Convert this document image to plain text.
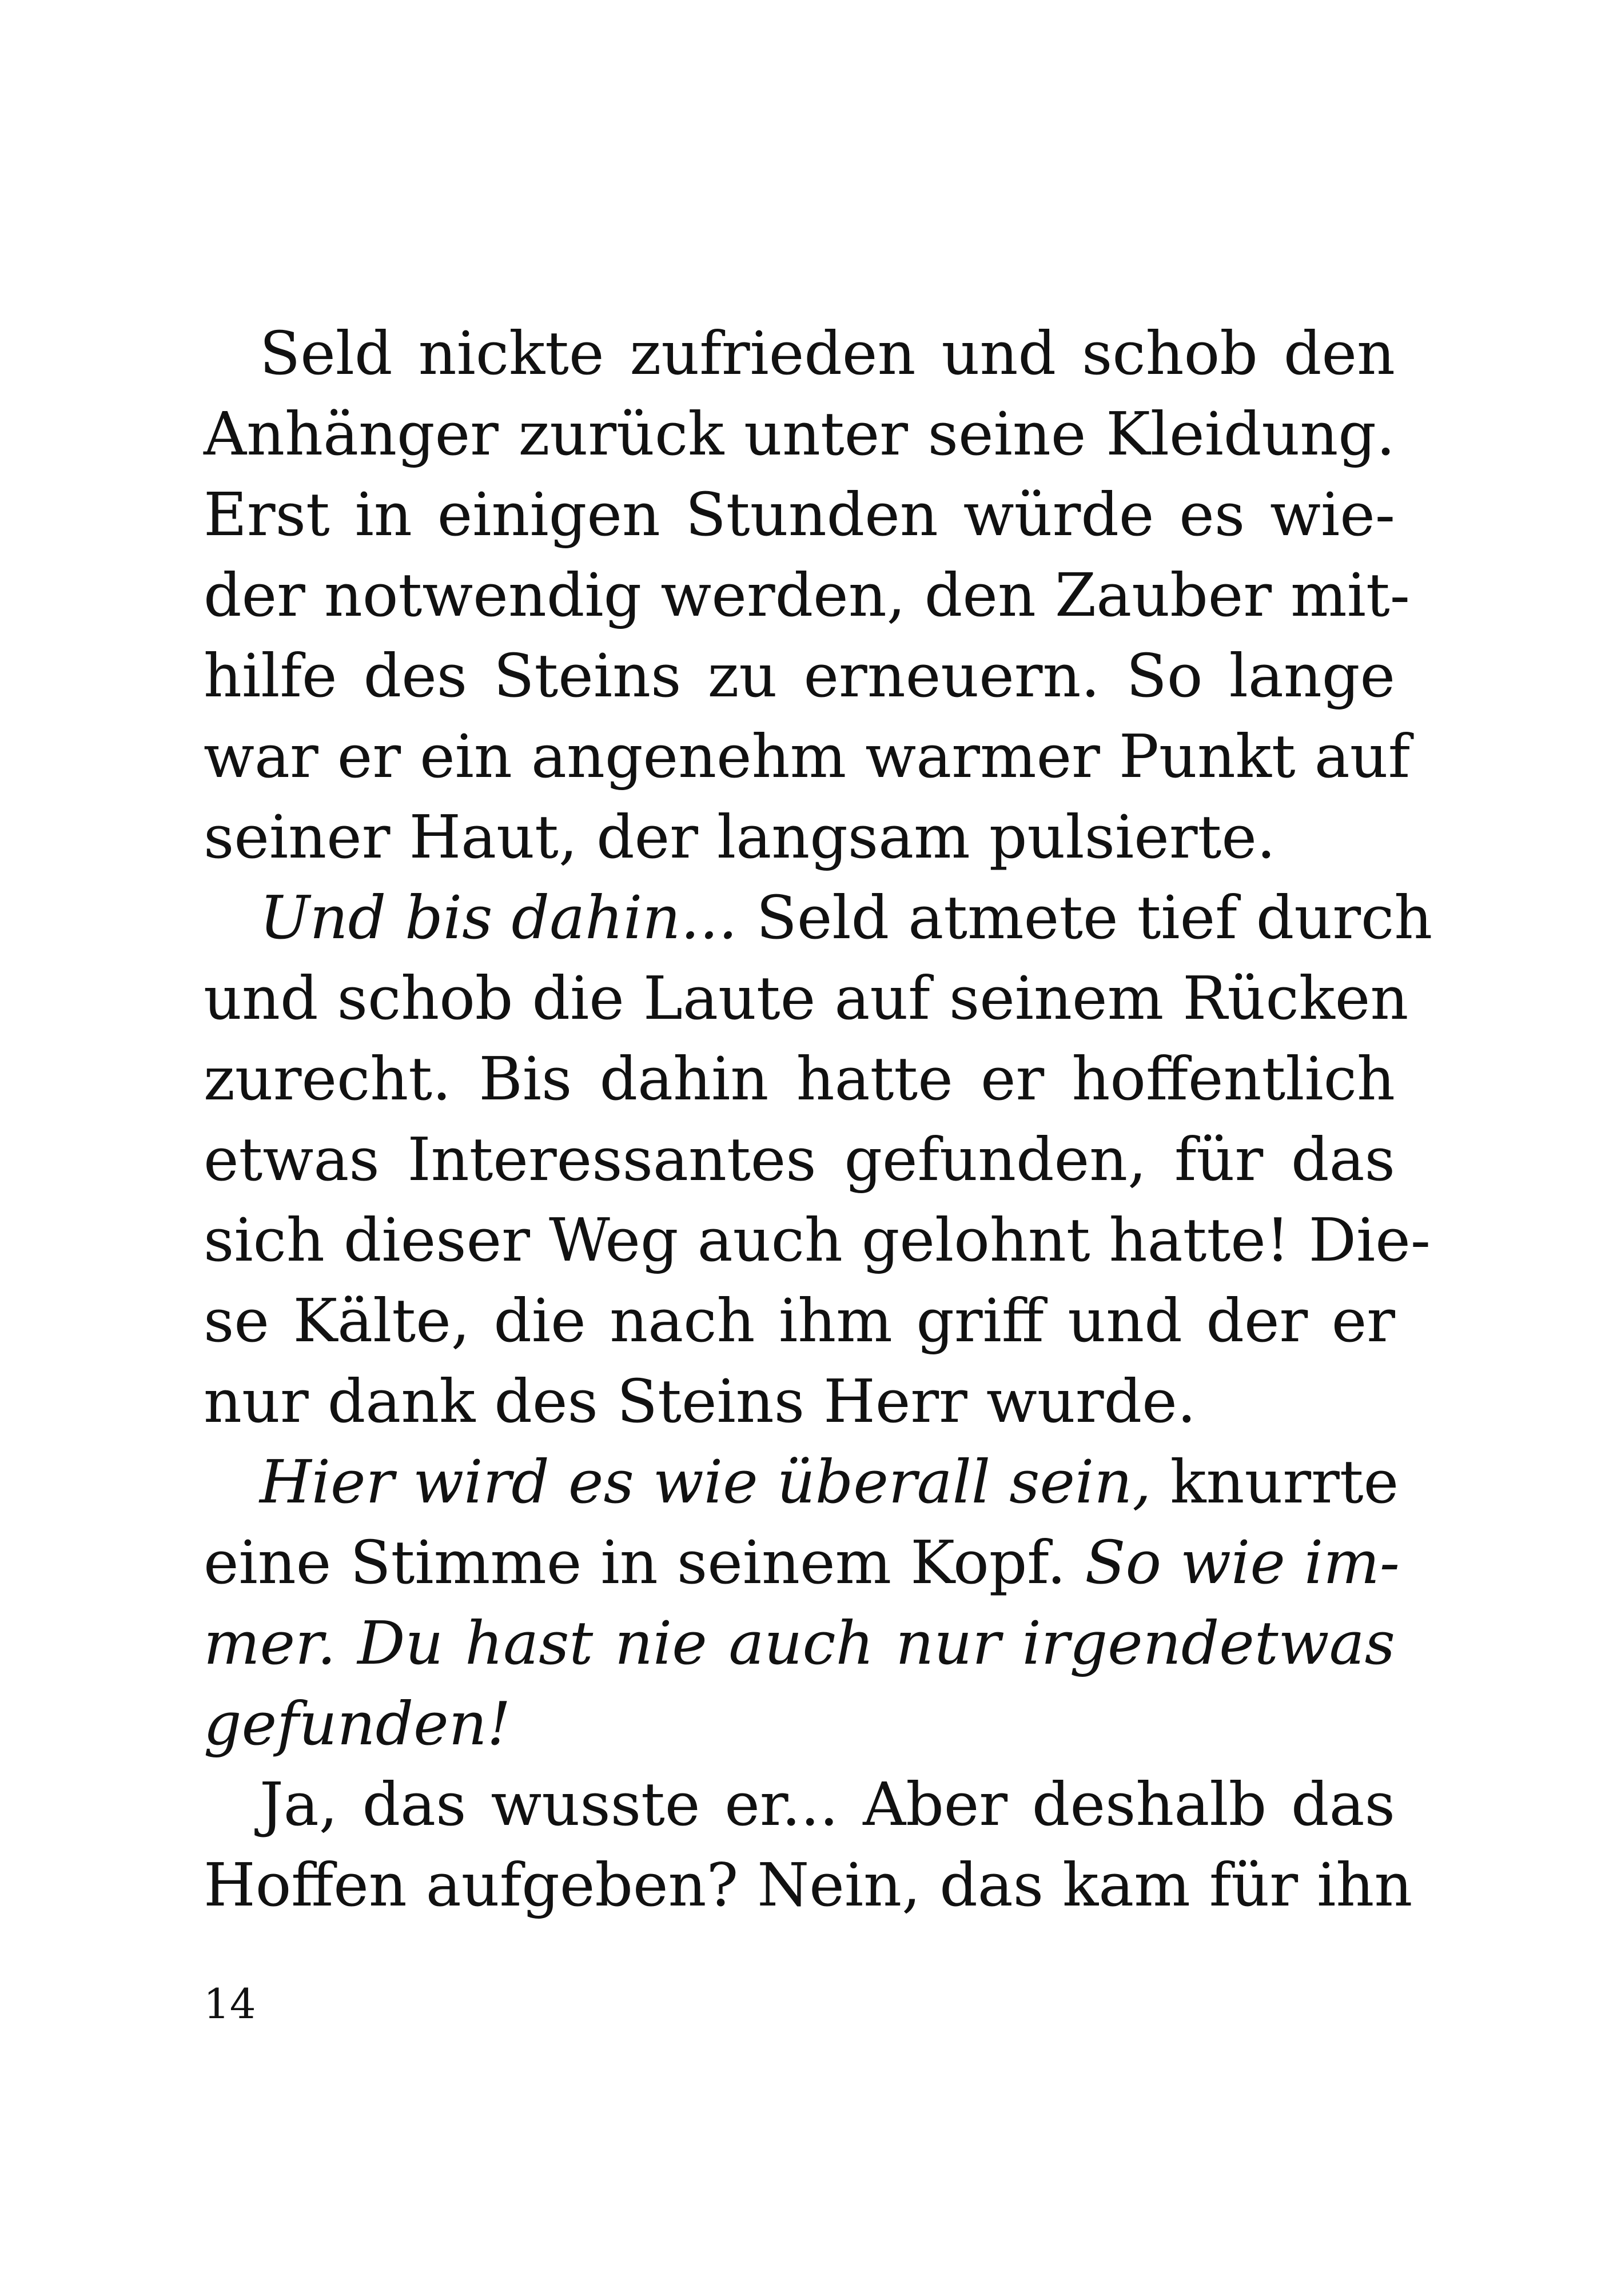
Seld nickte zufrieden und schob den
Anhänger zurück unter seine Kleidung.
Erst in einigen Stunden würde es wie-
der notwendig werden, den Zauber mit-
hilfe des Steins zu erneuern. So lange
war er ein angenehm warmer Punkt auf
seiner Haut, der langsam pulsierte.
Und bis dahin... Seld atmete tief durch
und schob die Laute auf seinem Rücken
zurecht. Bis dahin hatte er hoffentlich
etwas Interessantes gefunden, für das
sich dieser Weg auch gelohnt hatte! Die-
se Kälte, die nach ihm griff und der er
nur dank des Steins Herr wurde.
Hier wird es wie überall sein, knurrte
eine Stimme in seinem Kopf. So wie im-
mer. Du hast nie auch nur irgendetwas
gefunden!
Ja, das wusste er... Aber deshalb das
Hoffen aufgeben? Nein, das kam für ihn
14
